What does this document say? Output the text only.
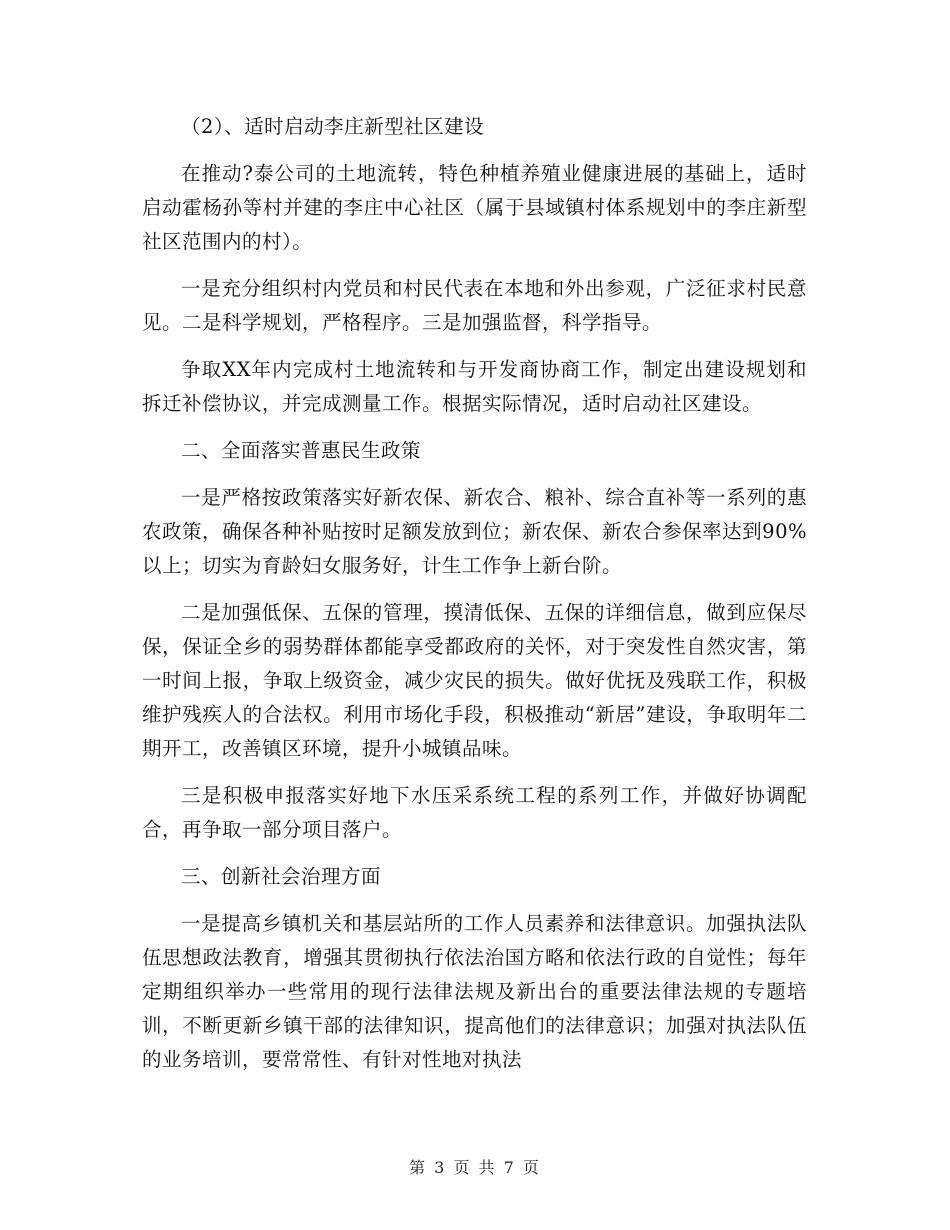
（2）、适时启动李庄新型社区建设

在推动?泰公司的土地流转，特色种植养殖业健康进展的基础上，适时启动霍杨孙等村并建的李庄中心社区（属于县域镇村体系规划中的李庄新型社区范围内的村）。

一是充分组织村内党员和村民代表在本地和外出参观，广泛征求村民意见。二是科学规划，严格程序。三是加强监督，科学指导。

争取XX年内完成村土地流转和与开发商协商工作，制定出建设规划和拆迁补偿协议，并完成测量工作。根据实际情况，适时启动社区建设。

二、全面落实普惠民生政策

一是严格按政策落实好新农保、新农合、粮补、综合直补等一系列的惠农政策，确保各种补贴按时足额发放到位；新农保、新农合参保率达到90%以上；切实为育龄妇女服务好，计生工作争上新台阶。

二是加强低保、五保的管理，摸清低保、五保的详细信息，做到应保尽保，保证全乡的弱势群体都能享受都政府的关怀，对于突发性自然灾害，第一时间上报，争取上级资金，减少灾民的损失。做好优抚及残联工作，积极维护残疾人的合法权。利用市场化手段，积极推动“新居”建设，争取明年二期开工，改善镇区环境，提升小城镇品味。

三是积极申报落实好地下水压采系统工程的系列工作，并做好协调配合，再争取一部分项目落户。

三、创新社会治理方面

一是提高乡镇机关和基层站所的工作人员素养和法律意识。加强执法队伍思想政法教育，增强其贯彻执行依法治国方略和依法行政的自觉性；每年定期组织举办一些常用的现行法律法规及新出台的重要法律法规的专题培训，不断更新乡镇干部的法律知识，提高他们的法律意识；加强对执法队伍的业务培训，要常常性、有针对性地对执法

第 3 页 共 7 页
